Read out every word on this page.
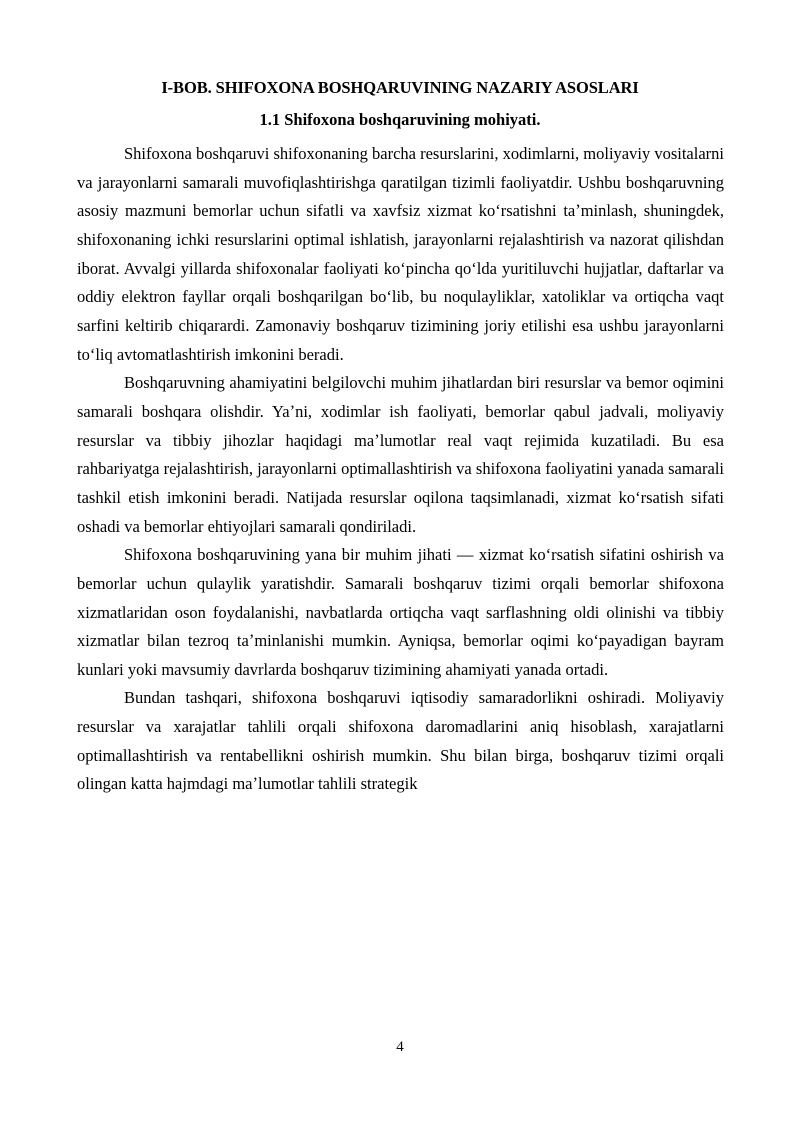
I-BOB. SHIFOXONA BOSHQARUVINING NAZARIY ASOSLARI
1.1 Shifoxona boshqaruvining mohiyati.

Shifoxona boshqaruvi shifoxonaning barcha resurslarini, xodimlarni, moliyaviy vositalarni va jarayonlarni samarali muvofiqlashtirishga qaratilgan tizimli faoliyatdir. Ushbu boshqaruvning asosiy mazmuni bemorlar uchun sifatli va xavfsiz xizmat koʻrsatishni taʼminlash, shuningdek, shifoxonaning ichki resurslarini optimal ishlatish, jarayonlarni rejalashtirish va nazorat qilishdan iborat. Avvalgi yillarda shifoxonalar faoliyati koʻpincha qoʻlda yuritiluvchi hujjatlar, daftarlar va oddiy elektron fayllar orqali boshqarilgan boʻlib, bu noqulayliklar, xatoliklar va ortiqcha vaqt sarfini keltirib chiqarardi. Zamonaviy boshqaruv tizimining joriy etilishi esa ushbu jarayonlarni toʻliq avtomatlashtirish imkonini beradi.

Boshqaruvning ahamiyatini belgilovchi muhim jihatlardan biri resurslar va bemor oqimini samarali boshqara olishdir. Yaʼni, xodimlar ish faoliyati, bemorlar qabul jadvali, moliyaviy resurslar va tibbiy jihozlar haqidagi maʼlumotlar real vaqt rejimida kuzatiladi. Bu esa rahbariyatga rejalashtirish, jarayonlarni optimallashtirish va shifoxona faoliyatini yanada samarali tashkil etish imkonini beradi. Natijada resurslar oqilona taqsimlanadi, xizmat koʻrsatish sifati oshadi va bemorlar ehtiyojlari samarali qondiriladi.

Shifoxona boshqaruvining yana bir muhim jihati — xizmat koʻrsatish sifatini oshirish va bemorlar uchun qulaylik yaratishdir. Samarali boshqaruv tizimi orqali bemorlar shifoxona xizmatlaridan oson foydalanishi, navbatlarda ortiqcha vaqt sarflashning oldi olinishi va tibbiy xizmatlar bilan tezroq taʼminlanishi mumkin. Ayniqsa, bemorlar oqimi koʻpayadigan bayram kunlari yoki mavsumiy davrlarda boshqaruv tizimining ahamiyati yanada ortadi.

Bundan tashqari, shifoxona boshqaruvi iqtisodiy samaradorlikni oshiradi. Moliyaviy resurslar va xarajatlar tahlili orqali shifoxona daromadlarini aniq hisoblash, xarajatlarni optimallashtirish va rentabellikni oshirish mumkin. Shu bilan birga, boshqaruv tizimi orqali olingan katta hajmdagi maʼlumotlar tahlili strategik

4
